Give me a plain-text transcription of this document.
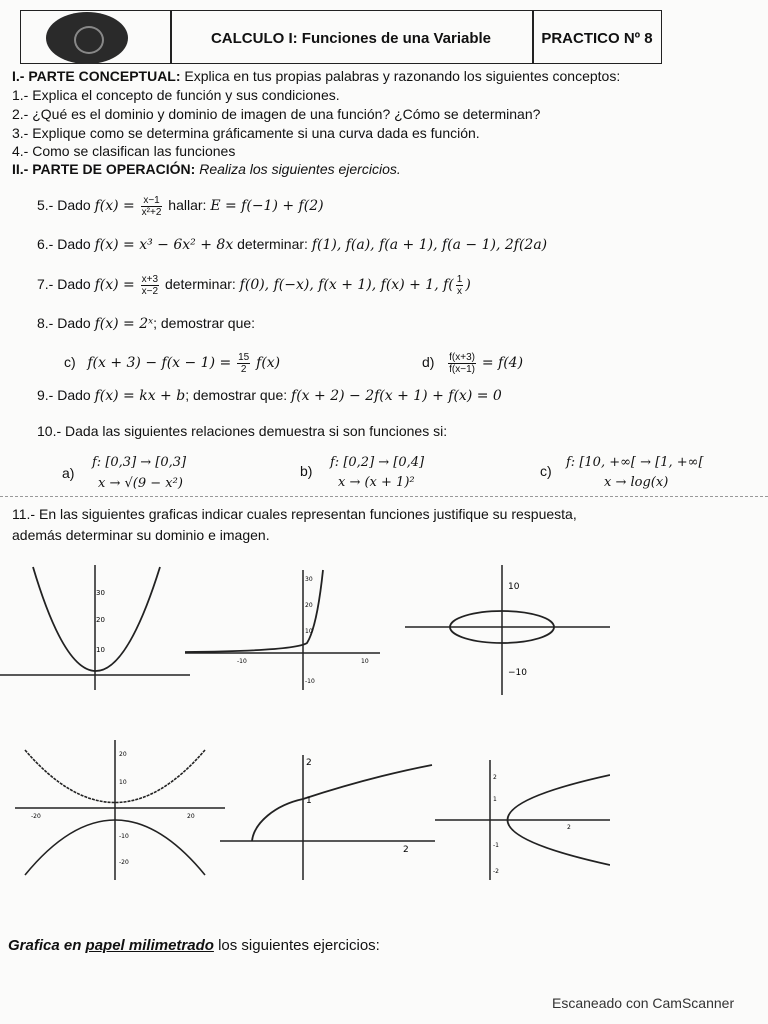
CALCULO I: Funciones de una Variable	PRACTICO Nº 8
I.- PARTE CONCEPTUAL: Explica en tus propias palabras y razonando los siguientes conceptos:
1.- Explica el concepto de función y sus condiciones.
2.- ¿Qué es el dominio y dominio de imagen de una función? ¿Cómo se determinan?
3.- Explique como se determina gráficamente si una curva dada es función.
4.- Como se clasifican las funciones
II.- PARTE DE OPERACIÓN: Realiza los siguientes ejercicios.
5.- Dado $f(x) = \frac{x-1}{\text{x²+2}}$ hallar: E = f(−1) + f(2)
6.- Dado f(x) = x³ − 6x² + 8x determinar: f(1), f(a), f(a + 1), f(a − 1), 2f(2a)
7.- Dado $f(x) = \frac{x+3}{x-2}$ determinar: f(0), f(−x), f(x + 1), f(x) + 1, $f( \frac{1}{x}$ )
8.- Dado f(x) = 2ˣ; demostrar que:
c) $f(x + 3) - f(x - 1) = \frac{15}{2} f(x)$	$d) \frac{f(x+3)}{f(x-1)} = f(4)$
9.- Dado f(x) = kx + b; demostrar que: f(x + 2) − 2f(x + 1) + f(x) = 0
10.- Dada las siguientes relaciones demuestra si son funciones si:
a)
f: [0,3] → [0,3]
x → √(9 − x²)
b)
f: [0,2] → [0,4]
x → (x + 1)²
c)
f: [10, +∞[ → [1, +∞[
x → log(x)
11.- En las siguientes graficas indicar cuales representan funciones justifique su respuesta,
además determinar su dominio e imagen.
30
20
10
30
20
10
-10
10
-10
10
−10
20
10
-10
-20
-20	20
2
1
2
2
1
2
-1
-2
Grafica en papel milimetrado los siguientes ejercicios:
Escaneado con CamScanner
